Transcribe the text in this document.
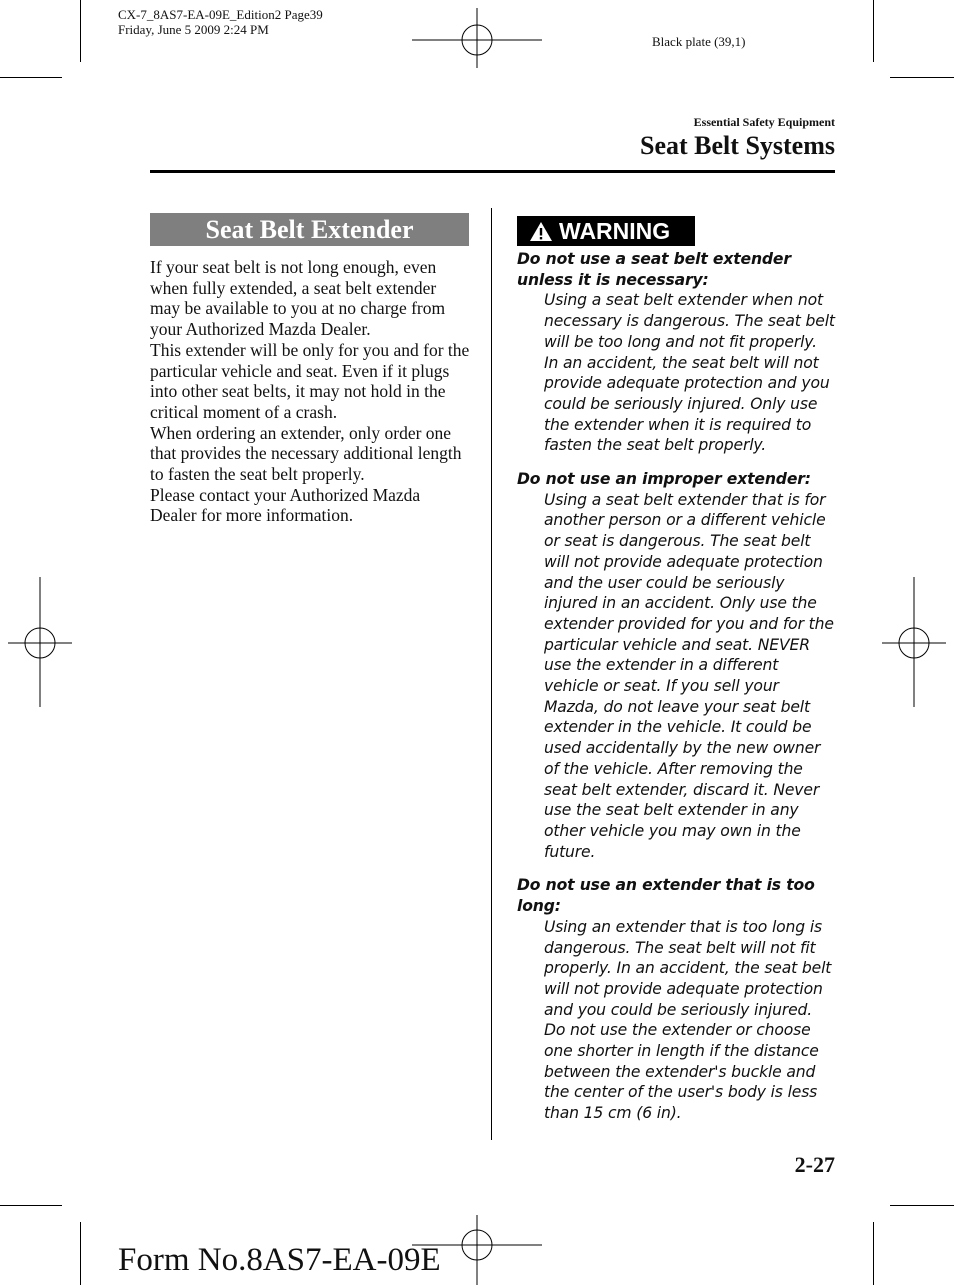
CX-7_8AS7-EA-09E_Edition2 Page39
Friday, June 5 2009 2:24 PM
Black plate (39,1)
Essential Safety Equipment
Seat Belt Systems
Seat Belt Extender

If your seat belt is not long enough, even when fully extended, a seat belt extender may be available to you at no charge from your Authorized Mazda Dealer.

This extender will be only for you and for the particular vehicle and seat. Even if it plugs into other seat belts, it may not hold in the critical moment of a crash.

When ordering an extender, only order one that provides the necessary additional length to fasten the seat belt properly.

Please contact your Authorized Mazda Dealer for more information.

WARNING
Do not use a seat belt extender unless it is necessary:
Using a seat belt extender when not necessary is dangerous. The seat belt will be too long and not fit properly. In an accident, the seat belt will not provide adequate protection and you could be seriously injured. Only use the extender when it is required to fasten the seat belt properly.
Do not use an improper extender:
Using a seat belt extender that is for another person or a different vehicle or seat is dangerous. The seat belt will not provide adequate protection and the user could be seriously injured in an accident. Only use the extender provided for you and for the particular vehicle and seat. NEVER use the extender in a different vehicle or seat. If you sell your Mazda, do not leave your seat belt extender in the vehicle. It could be used accidentally by the new owner of the vehicle. After removing the seat belt extender, discard it. Never use the seat belt extender in any other vehicle you may own in the future.
Do not use an extender that is too long:
Using an extender that is too long is dangerous. The seat belt will not fit properly. In an accident, the seat belt will not provide adequate protection and you could be seriously injured. Do not use the extender or choose one shorter in length if the distance between the extender's buckle and the center of the user's body is less than 15 cm (6 in).
2-27
Form No.8AS7-EA-09E
